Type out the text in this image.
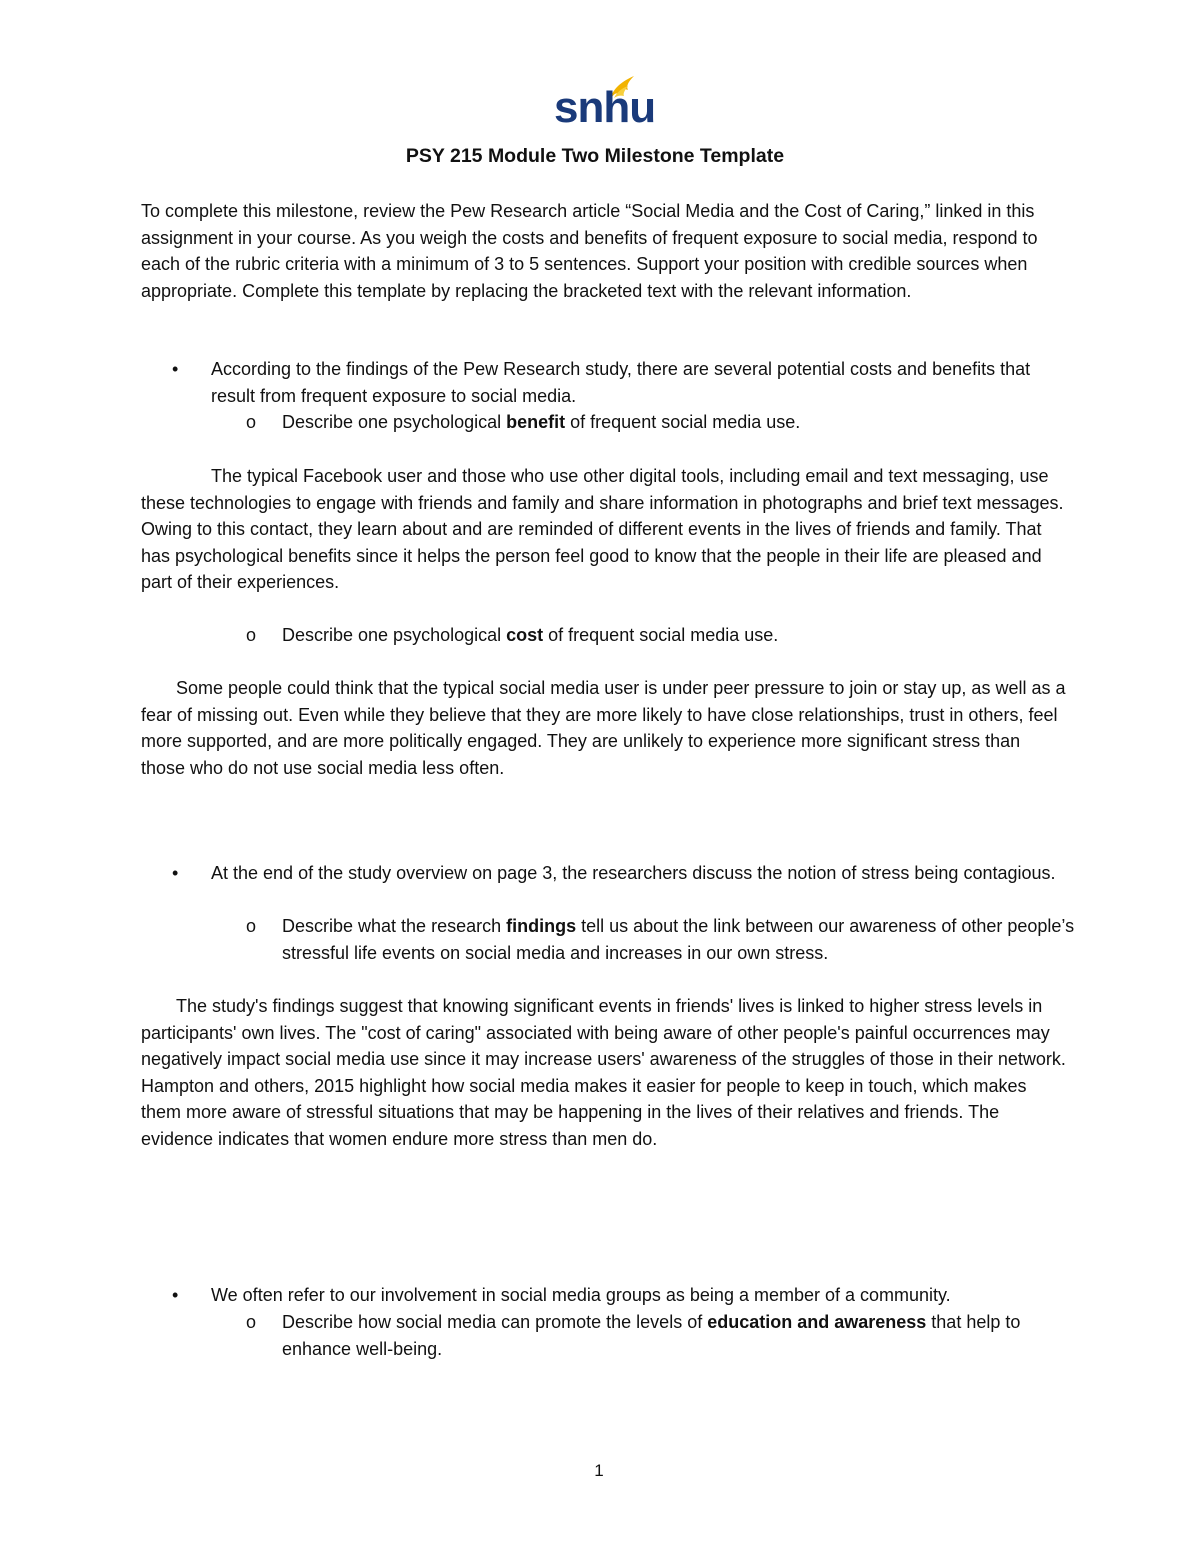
snhu
PSY 215 Module Two Milestone Template

To complete this milestone, review the Pew Research article “Social Media and the Cost of Caring,” linked in this assignment in your course. As you weigh the costs and benefits of frequent exposure to social media, respond to each of the rubric criteria with a minimum of 3 to 5 sentences. Support your position with credible sources when appropriate. Complete this template by replacing the bracketed text with the relevant information.

• According to the findings of the Pew Research study, there are several potential costs and benefits that result from frequent exposure to social media.

o Describe one psychological benefit of frequent social media use.

The typical Facebook user and those who use other digital tools, including email and text messaging, use these technologies to engage with friends and family and share information in photographs and brief text messages. Owing to this contact, they learn about and are reminded of different events in the lives of friends and family. That has psychological benefits since it helps the person feel good to know that the people in their life are pleased and part of their experiences.

o Describe one psychological cost of frequent social media use.

Some people could think that the typical social media user is under peer pressure to join or stay up, as well as a fear of missing out. Even while they believe that they are more likely to have close relationships, trust in others, feel more supported, and are more politically engaged. They are unlikely to experience more significant stress than those who do not use social media less often.

• At the end of the study overview on page 3, the researchers discuss the notion of stress being contagious.

o Describe what the research findings tell us about the link between our awareness of other people’s stressful life events on social media and increases in our own stress.

The study's findings suggest that knowing significant events in friends' lives is linked to higher stress levels in participants' own lives. The "cost of caring" associated with being aware of other people's painful occurrences may negatively impact social media use since it may increase users' awareness of the struggles of those in their network. Hampton and others, 2015 highlight how social media makes it easier for people to keep in touch, which makes them more aware of stressful situations that may be happening in the lives of their relatives and friends. The evidence indicates that women endure more stress than men do.

• We often refer to our involvement in social media groups as being a member of a community.

o Describe how social media can promote the levels of education and awareness that help to enhance well-being.

1
